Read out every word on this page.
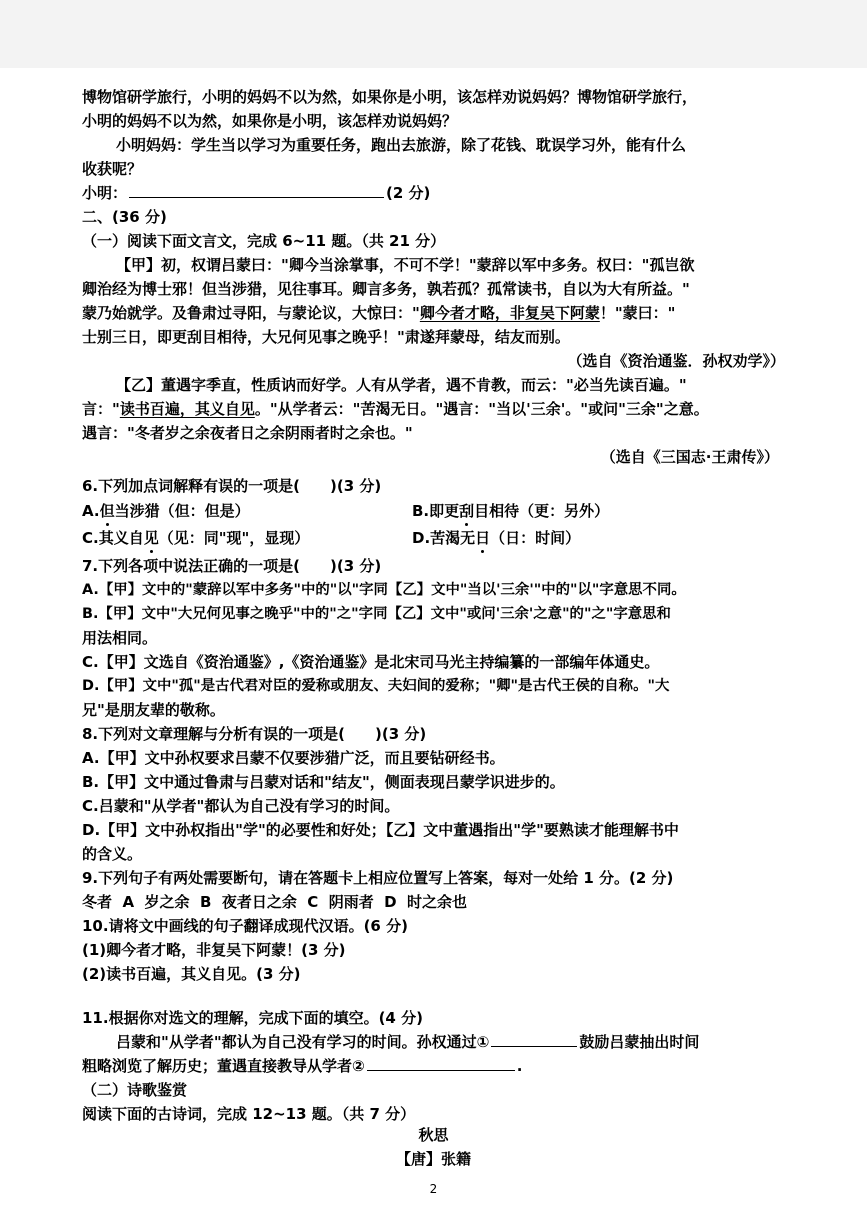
博物馆研学旅行，小明的妈妈不以为然，如果你是小明，该怎样劝说妈妈？博物馆研学旅行，
小明的妈妈不以为然，如果你是小明，该怎样劝说妈妈？
小明妈妈：学生当以学习为重要任务，跑出去旅游，除了花钱、耽误学习外，能有什么
收获呢？
小明：	(2 分)
二、(36 分)
（一）阅读下面文言文，完成 6~11 题。（共 21 分）
【甲】初，权谓吕蒙曰："卿今当涂掌事，不可不学！"蒙辞以军中多务。权曰："孤岂欲
卿治经为博士邪！但当涉猎，见往事耳。卿言多务，孰若孤？孤常读书，自以为大有所益。"
蒙乃始就学。及鲁肃过寻阳，与蒙论议，大惊曰："卿今者才略，非复吴下阿蒙！"蒙曰："
士别三日，即更刮目相待，大兄何见事之晚乎！"肃遂拜蒙母，结友而别。
（选自《资治通鉴．孙权劝学》）
【乙】董遇字季直，性质讷而好学。人有从学者，遇不肯教，而云："必当先读百遍。"
言："读书百遍，其义自见。"从学者云："苦渴无日。"遇言："当以'三余'。"或问"三余"之意。
遇言："冬者岁之余夜者日之余阴雨者时之余也。"
（选自《三国志·王肃传》）
6.下列加点词解释有误的一项是(　　)(3 分)
A.但当涉猎（但：但是）	B.即更刮目相待（更：另外）
C.其义自见（见：同"现"，显现）	D.苦渴无日（日：时间）
7.下列各项中说法正确的一项是(　　)(3 分)
A.【甲】文中的"蒙辞以军中多务"中的"以"字同【乙】文中"当以'三余'"中的"以"字意思不同。
B.【甲】文中"大兄何见事之晚乎"中的"之"字同【乙】文中"或问'三余'之意"的"之"字意思和
用法相同。
C.【甲】文选自《资治通鉴》,《资治通鉴》是北宋司马光主持编纂的一部编年体通史。
D.【甲】文中"孤"是古代君对臣的爱称或朋友、夫妇间的爱称；"卿"是古代王侯的自称。"大
兄"是朋友辈的敬称。
8.下列对文章理解与分析有误的一项是(　　)(3 分)
A.【甲】文中孙权要求吕蒙不仅要涉猎广泛，而且要钻研经书。
B.【甲】文中通过鲁肃与吕蒙对话和"结友"，侧面表现吕蒙学识进步的。
C.吕蒙和"从学者"都认为自己没有学习的时间。
D.【甲】文中孙权指出"学"的必要性和好处；【乙】文中董遇指出"学"要熟读才能理解书中
的含义。
9.下列句子有两处需要断句，请在答题卡上相应位置写上答案，每对一处给 1 分。(2 分)
冬者  A  岁之余  B  夜者日之余  C  阴雨者  D  时之余也
10.请将文中画线的句子翻译成现代汉语。(6 分)
(1)卿今者才略，非复吴下阿蒙！(3 分)
(2)读书百遍，其义自见。(3 分)
11.根据你对选文的理解，完成下面的填空。(4 分)
吕蒙和"从学者"都认为自己没有学习的时间。孙权通过①	鼓励吕蒙抽出时间
粗略浏览了解历史；董遇直接教导从学者②	.
（二）诗歌鉴赏
阅读下面的古诗词，完成 12~13 题。（共 7 分）
秋思
【唐】张籍
2
